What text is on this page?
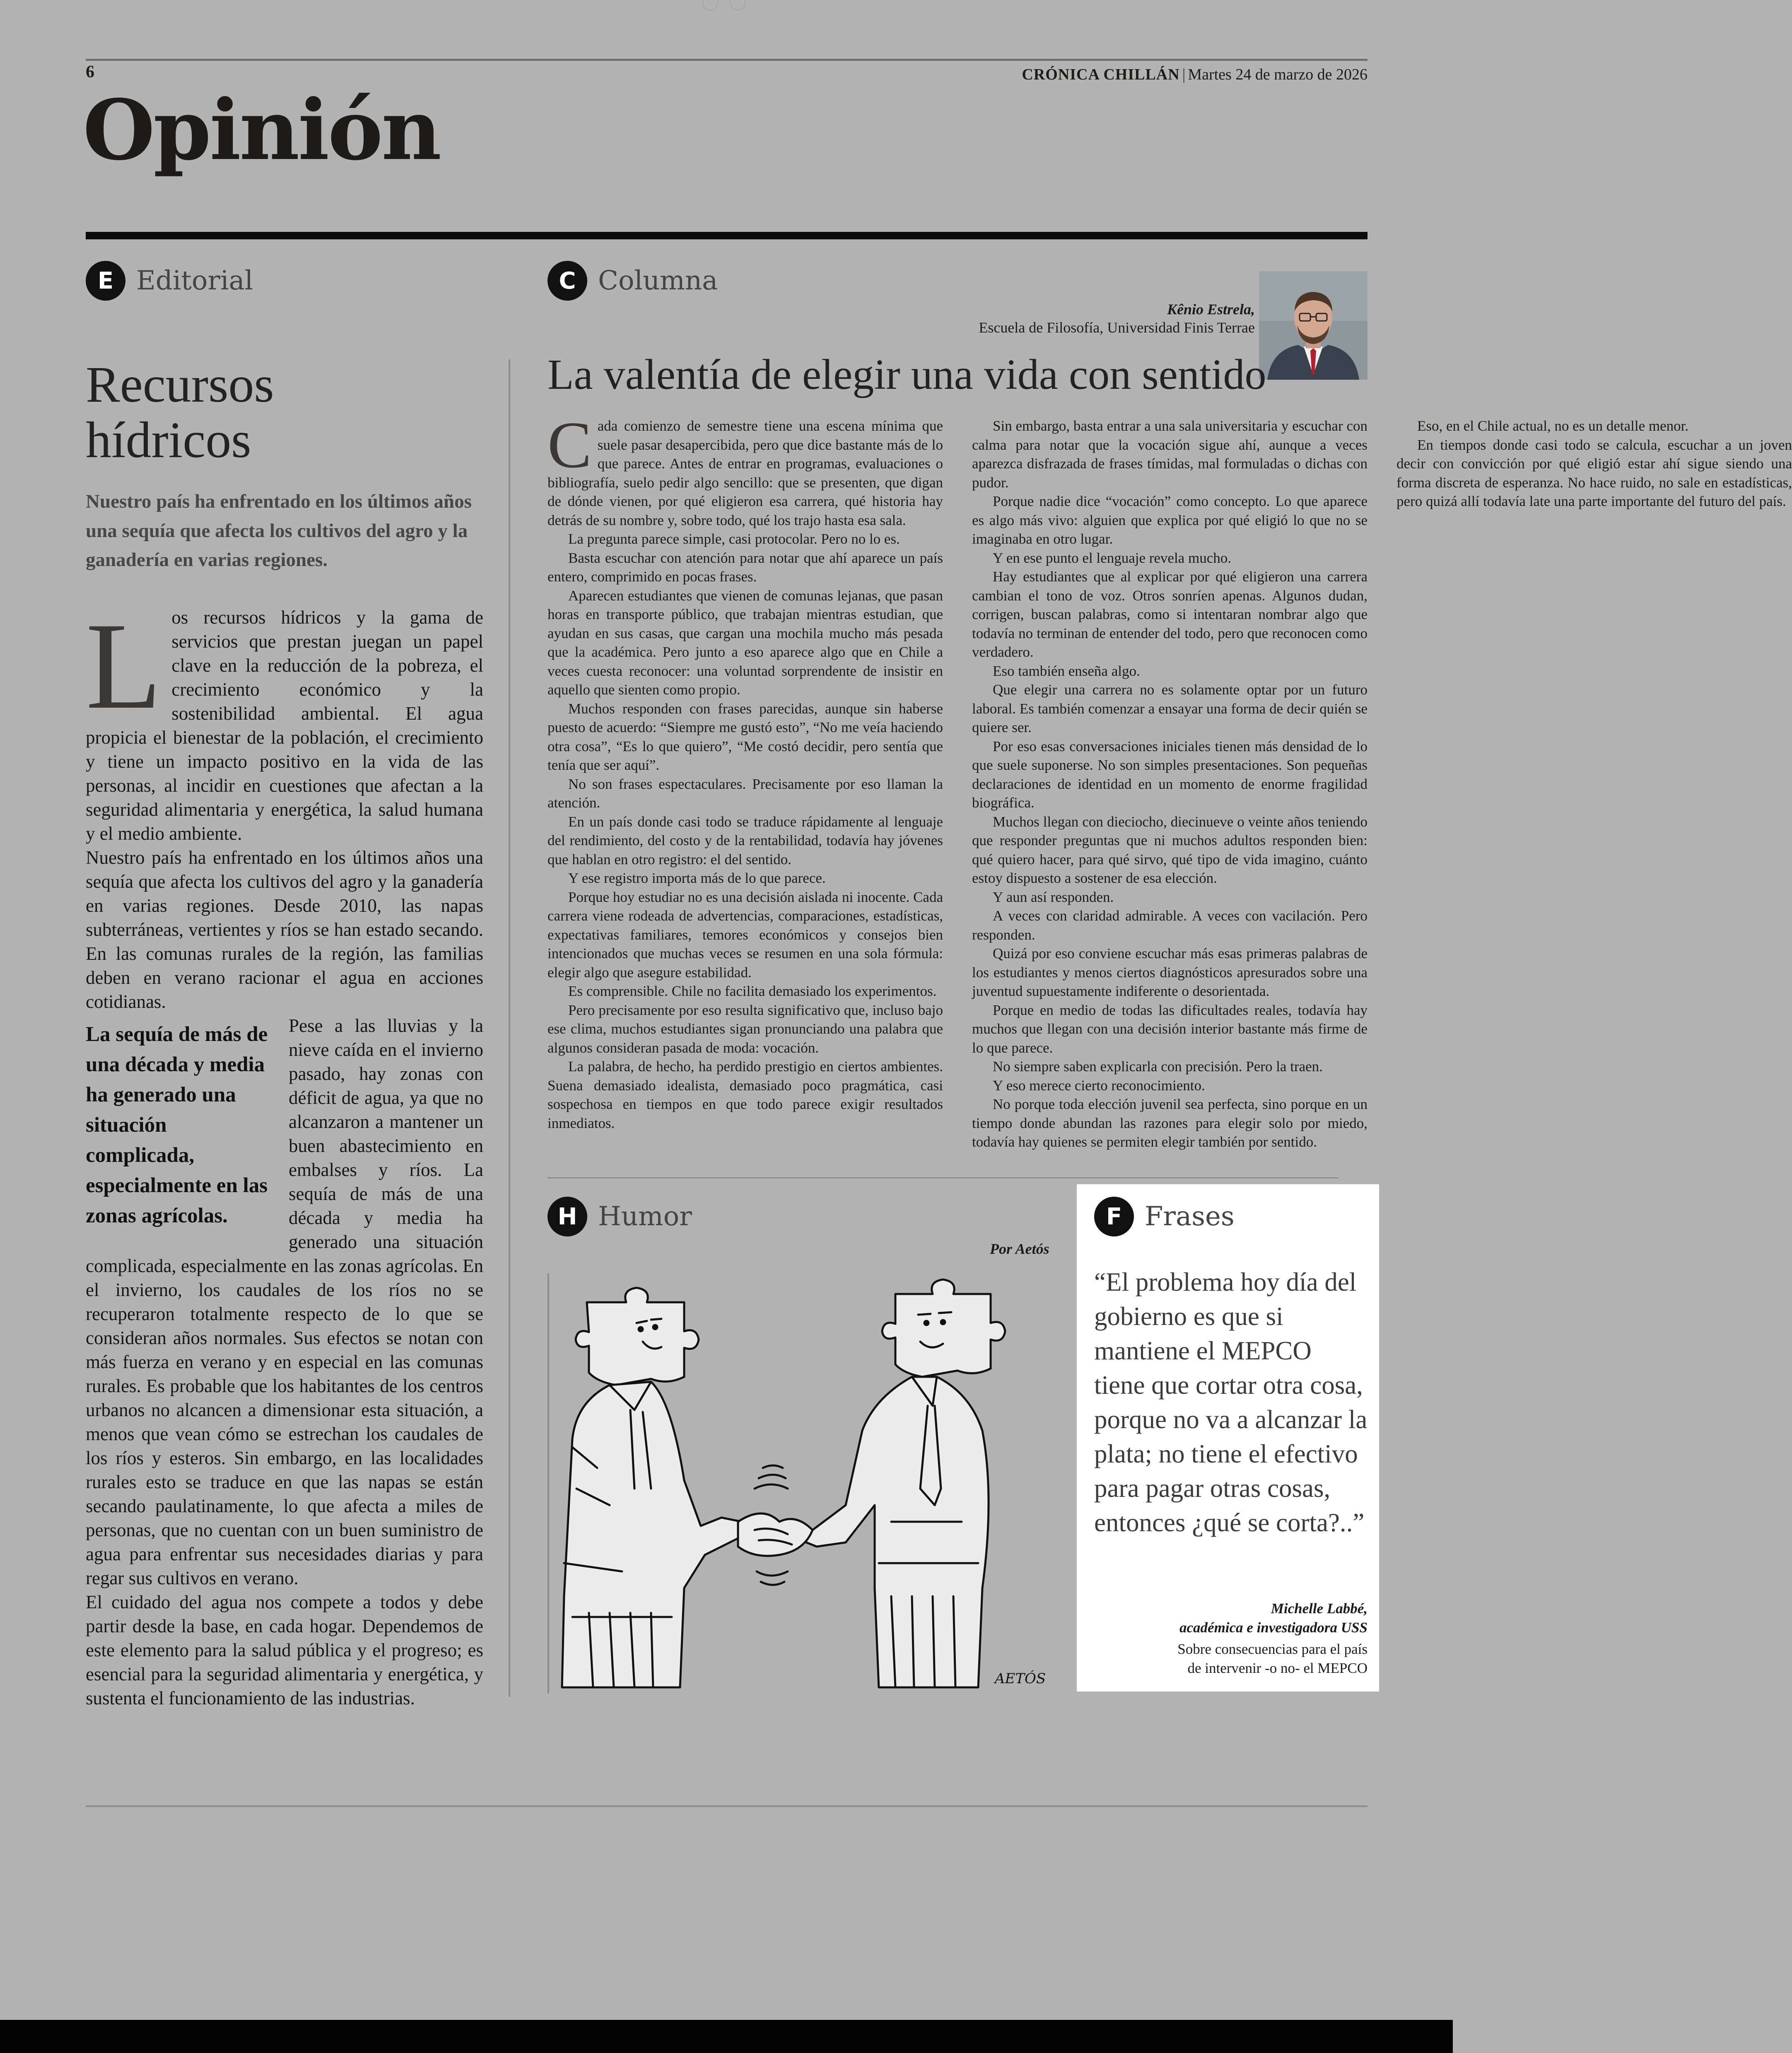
6	CRÓNICA CHILLÁN | Martes 24 de marzo de 2026
Opinión
E Editorial
Recursos
hídricos
Nuestro país ha enfrentado en los últimos años una sequía que afecta los cultivos del agro y la ganadería en varias regiones.
L os recursos hídricos y la gama de servicios que prestan juegan un papel clave en la reducción de la pobreza, el crecimiento económico y la sostenibilidad ambiental. El agua propicia el bienestar de la población, el crecimiento y tiene un impacto positivo en la vida de las personas, al incidir en cuestiones que afectan a la seguridad alimentaria y energética, la salud humana y el medio ambiente.

Nuestro país ha enfrentado en los últimos años una sequía que afecta los cultivos del agro y la ganadería en varias regiones. Desde 2010, las napas subterráneas, vertientes y ríos se han estado secando. En las comunas rurales de la región, las familias deben en verano racionar el agua en acciones cotidianas.

La sequía de más de una década y media ha generado una situación complicada, especialmente en las zonas agrícolas.

Pese a las lluvias y la nieve caída en el invierno pasado, hay zonas con déficit de agua, ya que no alcanzaron a mantener un buen abastecimiento en embalses y ríos. La sequía de más de una década y media ha generado una situación complicada, especialmente en las zonas agrícolas. En el invierno, los caudales de los ríos no se recuperaron totalmente respecto de lo que se consideran años normales. Sus efectos se notan con más fuerza en verano y en especial en las comunas rurales. Es probable que los habitantes de los centros urbanos no alcancen a dimensionar esta situación, a menos que vean cómo se estrechan los caudales de los ríos y esteros. Sin embargo, en las localidades rurales esto se traduce en que las napas se están secando paulatinamente, lo que afecta a miles de personas, que no cuentan con un buen suministro de agua para enfrentar sus necesidades diarias y para regar sus cultivos en verano.

El cuidado del agua nos compete a todos y debe partir desde la base, en cada hogar. Dependemos de este elemento para la salud pública y el progreso; es esencial para la seguridad alimentaria y energética, y sustenta el funcionamiento de las industrias.

C Columna
Kênio Estrela,
Escuela de Filosofía, Universidad Finis Terrae
La valentía de elegir una vida con sentido

Cada comienzo de semestre tiene una escena mínima que suele pasar desapercibida, pero que dice bastante más de lo que parece. Antes de entrar en programas, evaluaciones o bibliografía, suelo pedir algo sencillo: que se presenten, que digan de dónde vienen, por qué eligieron esa carrera, qué historia hay detrás de su nombre y, sobre todo, qué los trajo hasta esa sala.

La pregunta parece simple, casi protocolar. Pero no lo es.

Basta escuchar con atención para notar que ahí aparece un país entero, comprimido en pocas frases.

Aparecen estudiantes que vienen de comunas lejanas, que pasan horas en transporte público, que trabajan mientras estudian, que ayudan en sus casas, que cargan una mochila mucho más pesada que la académica. Pero junto a eso aparece algo que en Chile a veces cuesta reconocer: una voluntad sorprendente de insistir en aquello que sienten como propio.

Muchos responden con frases parecidas, aunque sin haberse puesto de acuerdo: “Siempre me gustó esto”, “No me veía haciendo otra cosa”, “Es lo que quiero”, “Me costó decidir, pero sentía que tenía que ser aquí”.

No son frases espectaculares. Precisamente por eso llaman la atención.

En un país donde casi todo se traduce rápidamente al lenguaje del rendimiento, del costo y de la rentabilidad, todavía hay jóvenes que hablan en otro registro: el del sentido.

Y ese registro importa más de lo que parece.

Porque hoy estudiar no es una decisión aislada ni inocente. Cada carrera viene rodeada de advertencias, comparaciones, estadísticas, expectativas familiares, temores económicos y consejos bien intencionados que muchas veces se resumen en una sola fórmula: elegir algo que asegure estabilidad.

Es comprensible. Chile no facilita demasiado los experimentos.

Pero precisamente por eso resulta significativo que, incluso bajo ese clima, muchos estudiantes sigan pronunciando una palabra que algunos consideran pasada de moda: vocación.

La palabra, de hecho, ha perdido prestigio en ciertos ambientes. Suena demasiado idealista, demasiado poco pragmática, casi sospechosa en tiempos en que todo parece exigir resultados inmediatos.

Sin embargo, basta entrar a una sala universitaria y escuchar con calma para notar que la vocación sigue ahí, aunque a veces aparezca disfrazada de frases tímidas, mal formuladas o dichas con pudor.

Porque nadie dice “vocación” como concepto. Lo que aparece es algo más vivo: alguien que explica por qué eligió lo que no se imaginaba en otro lugar.

Y en ese punto el lenguaje revela mucho.

Hay estudiantes que al explicar por qué eligieron una carrera cambian el tono de voz. Otros sonríen apenas. Algunos dudan, corrigen, buscan palabras, como si intentaran nombrar algo que todavía no terminan de entender del todo, pero que reconocen como verdadero.

Eso también enseña algo.

Que elegir una carrera no es solamente optar por un futuro laboral. Es también comenzar a ensayar una forma de decir quién se quiere ser.

Por eso esas conversaciones iniciales tienen más densidad de lo que suele suponerse. No son simples presentaciones. Son pequeñas declaraciones de identidad en un momento de enorme fragilidad biográfica.

Muchos llegan con dieciocho, diecinueve o veinte años teniendo que responder preguntas que ni muchos adultos responden bien: qué quiero hacer, para qué sirvo, qué tipo de vida imagino, cuánto estoy dispuesto a sostener de esa elección.

Y aun así responden.

A veces con claridad admirable. A veces con vacilación. Pero responden.

Quizá por eso conviene escuchar más esas primeras palabras de los estudiantes y menos ciertos diagnósticos apresurados sobre una juventud supuestamente indiferente o desorientada.

Porque en medio de todas las dificultades reales, todavía hay muchos que llegan con una decisión interior bastante más firme de lo que parece.

No siempre saben explicarla con precisión. Pero la traen.

Y eso merece cierto reconocimiento.

No porque toda elección juvenil sea perfecta, sino porque en un tiempo donde abundan las razones para elegir solo por miedo, todavía hay quienes se permiten elegir también por sentido.

Eso, en el Chile actual, no es un detalle menor.

En tiempos donde casi todo se calcula, escuchar a un joven decir con convicción por qué eligió estar ahí sigue siendo una forma discreta de esperanza. No hace ruido, no sale en estadísticas, pero quizá allí todavía late una parte importante del futuro del país.

H Humor
Por Aetós
AETÓS
F Frases
“El problema hoy día del gobierno es que si mantiene el MEPCO tiene que cortar otra cosa, porque no va a alcanzar la plata; no tiene el efectivo para pagar otras cosas, entonces ¿qué se corta?..”
Michelle Labbé,
académica e investigadora USS
Sobre consecuencias para el país
de intervenir -o no- el MEPCO
